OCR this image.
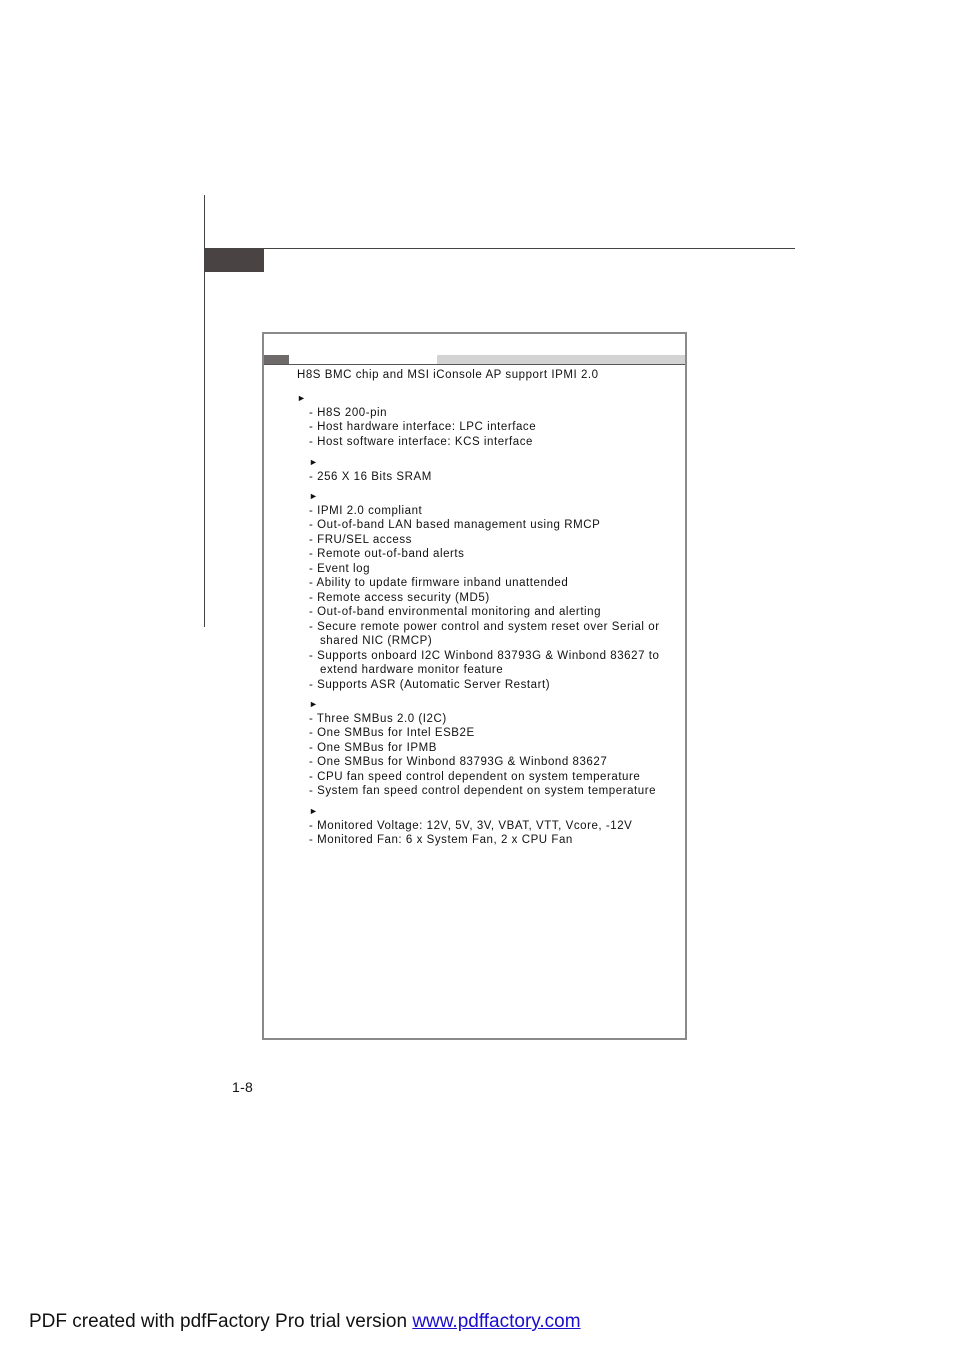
H8S BMC chip and MSI iConsole AP support IPMI 2.0
►
- H8S 200-pin
- Host hardware interface: LPC interface
- Host software interface: KCS interface
►
- 256 X 16 Bits SRAM
►
- IPMI 2.0 compliant
- Out-of-band LAN based management using RMCP
- FRU/SEL access
- Remote out-of-band alerts
- Event log
- Ability to update firmware inband unattended
- Remote access security (MD5)
- Out-of-band environmental monitoring and alerting
- Secure remote power control and system reset over Serial or shared NIC (RMCP)
- Supports onboard I2C Winbond 83793G & Winbond 83627 to extend hardware monitor feature
- Supports ASR (Automatic Server Restart)
►
- Three SMBus 2.0 (I2C)
- One SMBus for Intel ESB2E
- One SMBus for IPMB
- One SMBus for Winbond 83793G & Winbond 83627
- CPU fan speed control dependent on system temperature
- System fan speed control dependent on system temperature
►
- Monitored Voltage: 12V, 5V, 3V, VBAT, VTT, Vcore, -12V
- Monitored Fan: 6 x System Fan, 2 x CPU Fan
1-8
PDF created with pdfFactory Pro trial version www.pdffactory.com
